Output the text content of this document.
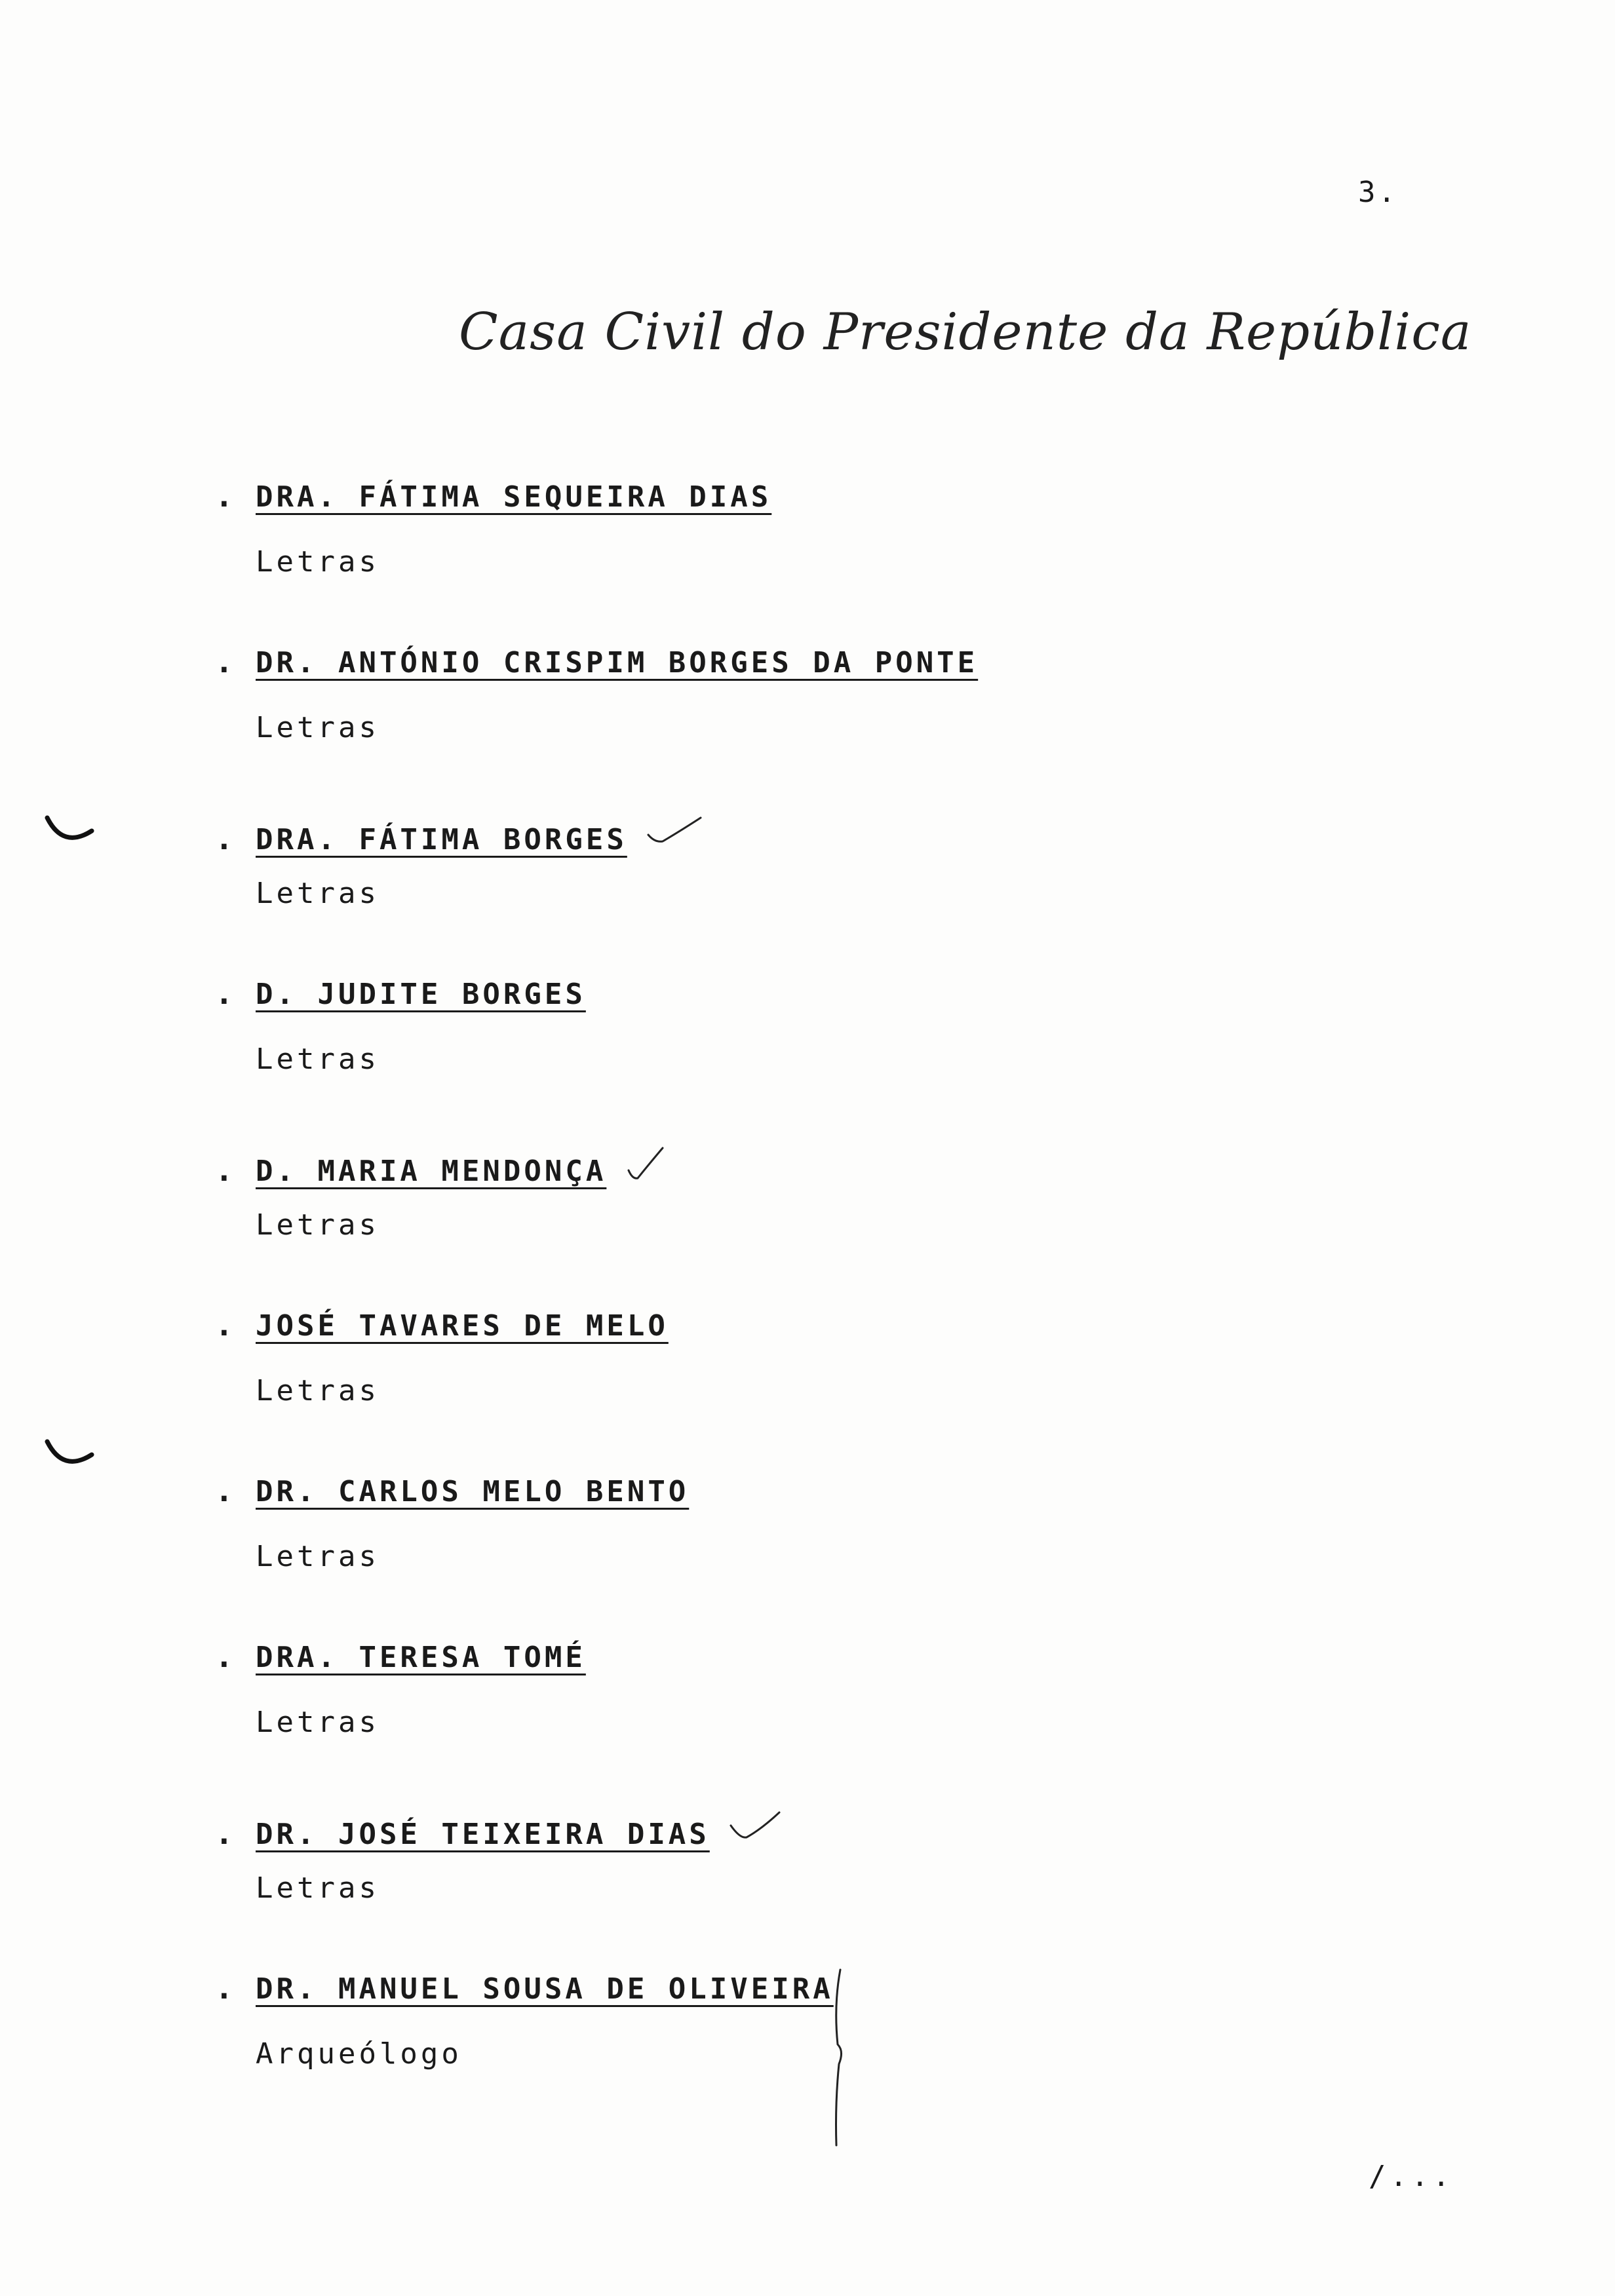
3.
Casa Civil do Presidente da República
. DRA. FÁTIMA SEQUEIRA DIAS
Letras
. DR. ANTÓNIO CRISPIM BORGES DA PONTE
Letras
. DRA. FÁTIMA BORGES
Letras
. D. JUDITE BORGES
Letras
. D. MARIA MENDONÇA
Letras
. JOSÉ TAVARES DE MELO
Letras
. DR. CARLOS MELO BENTO
Letras
. DRA. TERESA TOMÉ
Letras
. DR. JOSÉ TEIXEIRA DIAS
Letras
. DR. MANUEL SOUSA DE OLIVEIRA
Arqueólogo
/...
